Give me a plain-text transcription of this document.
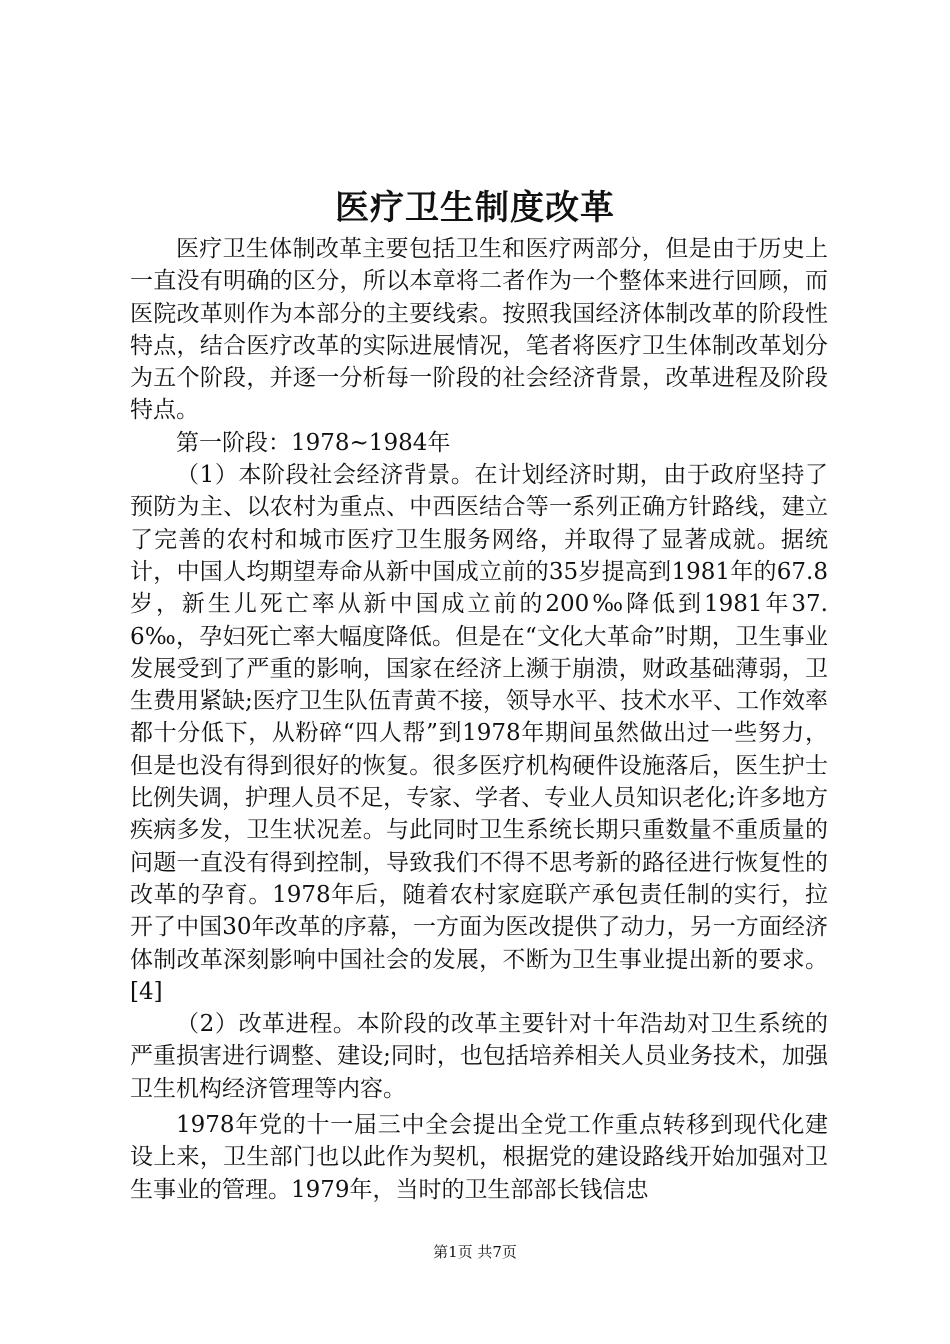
医疗卫生制度改革

医疗卫生体制改革主要包括卫生和医疗两部分，但是由于历史上一直没有明确的区分，所以本章将二者作为一个整体来进行回顾，而医院改革则作为本部分的主要线索。按照我国经济体制改革的阶段性特点，结合医疗改革的实际进展情况，笔者将医疗卫生体制改革划分为五个阶段，并逐一分析每一阶段的社会经济背景，改革进程及阶段特点。

第一阶段：1978~1984年

（1）本阶段社会经济背景。在计划经济时期，由于政府坚持了预防为主、以农村为重点、中西医结合等一系列正确方针路线，建立了完善的农村和城市医疗卫生服务网络，并取得了显著成就。据统计，中国人均期望寿命从新中国成立前的35岁提高到1981年的67.8岁，新生儿死亡率从新中国成立前的200‰降低到1981年37.6‰，孕妇死亡率大幅度降低。但是在“文化大革命”时期，卫生事业发展受到了严重的影响，国家在经济上濒于崩溃，财政基础薄弱，卫生费用紧缺;医疗卫生队伍青黄不接，领导水平、技术水平、工作效率都十分低下，从粉碎“四人帮”到1978年期间虽然做出过一些努力，但是也没有得到很好的恢复。很多医疗机构硬件设施落后，医生护士比例失调，护理人员不足，专家、学者、专业人员知识老化;许多地方疾病多发，卫生状况差。与此同时卫生系统长期只重数量不重质量的问题一直没有得到控制，导致我们不得不思考新的路径进行恢复性的改革的孕育。1978年后，随着农村家庭联产承包责任制的实行，拉开了中国30年改革的序幕，一方面为医改提供了动力，另一方面经济体制改革深刻影响中国社会的发展，不断为卫生事业提出新的要求。[4]

（2）改革进程。本阶段的改革主要针对十年浩劫对卫生系统的严重损害进行调整、建设;同时，也包括培养相关人员业务技术，加强卫生机构经济管理等内容。

1978年党的十一届三中全会提出全党工作重点转移到现代化建设上来，卫生部门也以此作为契机，根据党的建设路线开始加强对卫生事业的管理。1979年，当时的卫生部部长钱信忠

第1页 共7页
